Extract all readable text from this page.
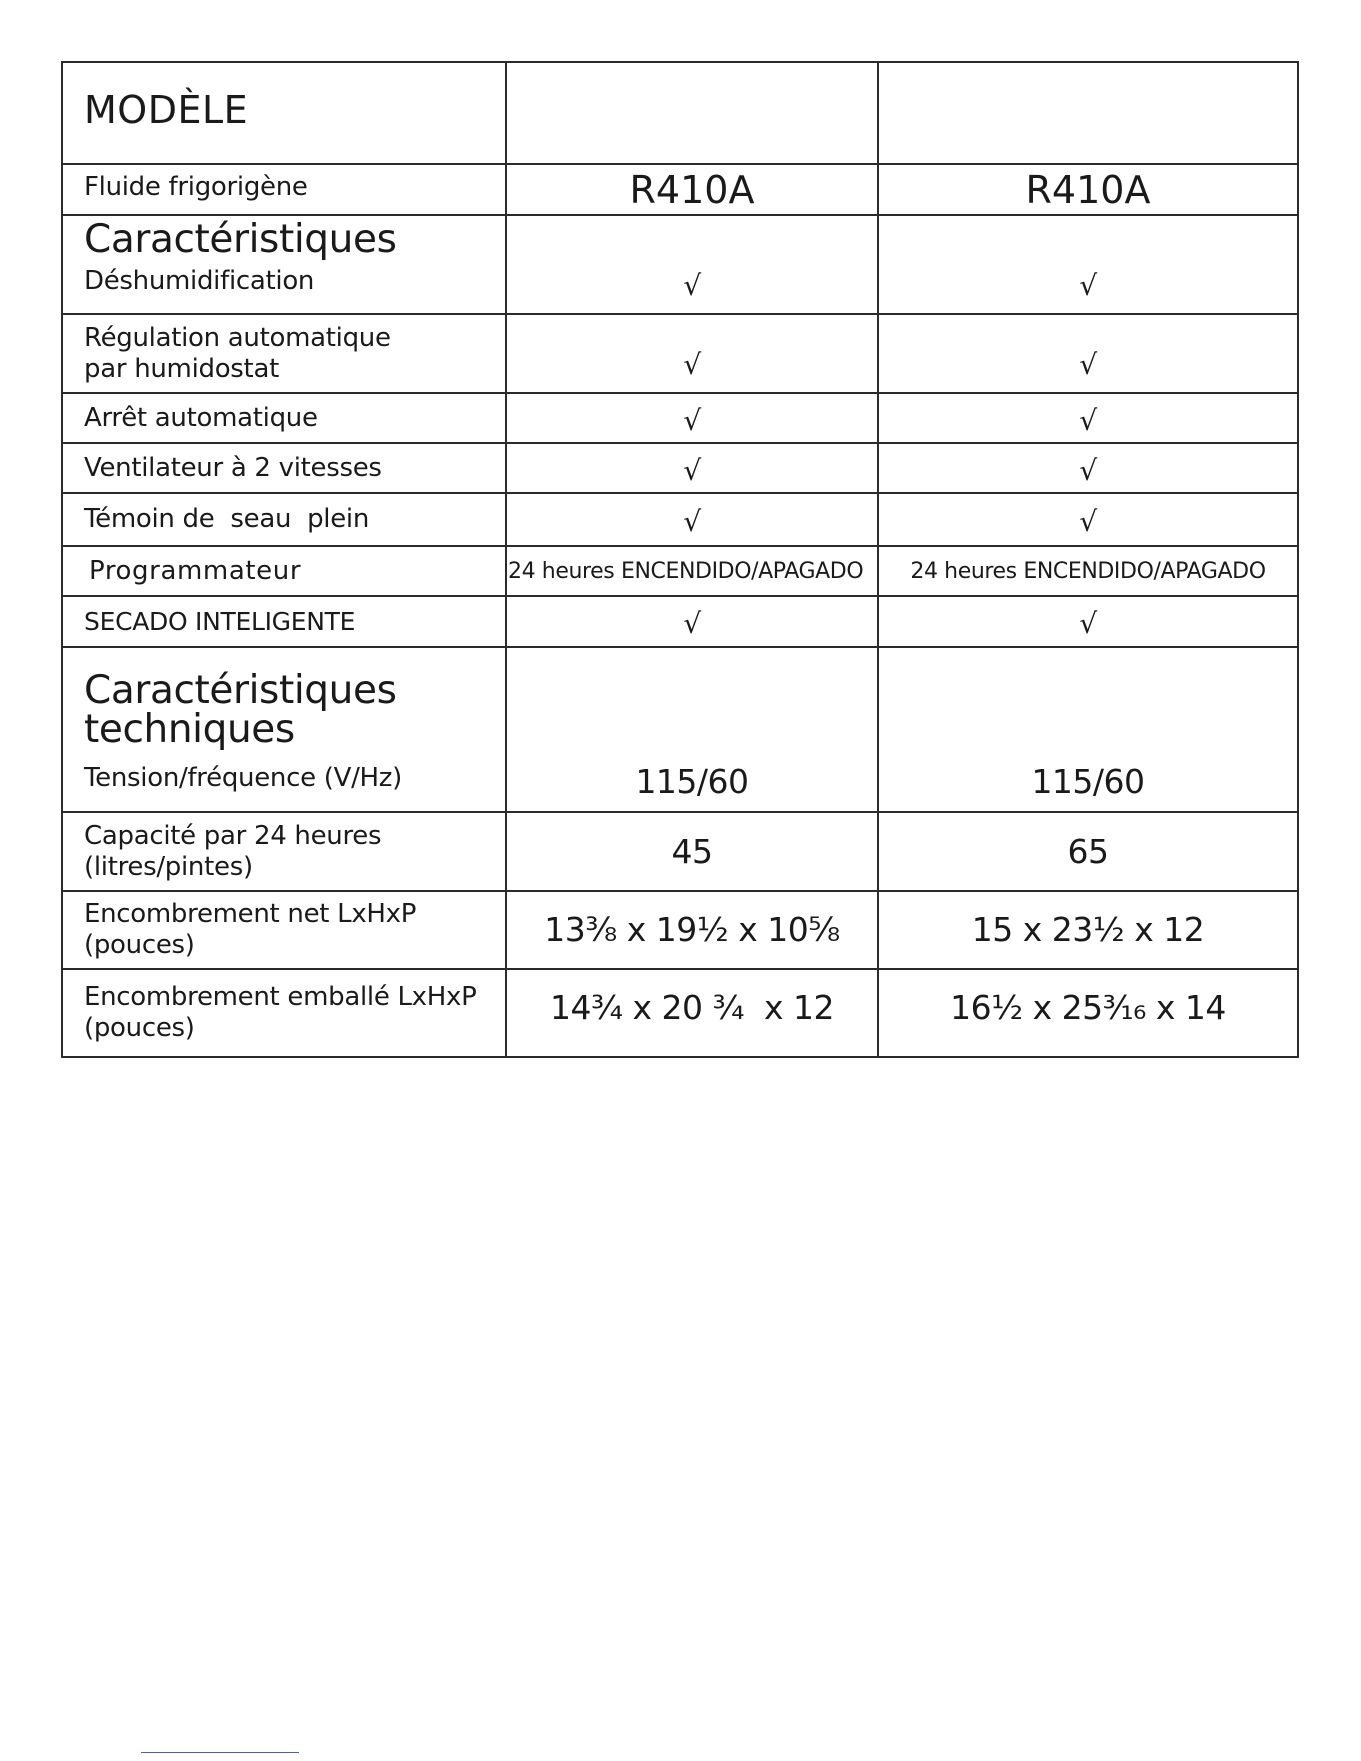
MODÈLE		
Fluide frigorigène	R410A	R410A

Caractéristiques
Déshumidification	√	√

Régulation automatique
par humidostat	√	√
Arrêt automatique	√	√
Ventilateur à 2 vitesses	√	√
Témoin de  seau  plein	√	√
Programmateur	24 heures ENCENDIDO/APAGADO	24 heures ENCENDIDO/APAGADO
SECADO INTELIGENTE	√	√

Caractéristiques
techniques
Tension/fréquence (V/Hz)	115/60	115/60

Capacité par 24 heures
(litres/pintes)	45	65

Encombrement net LxHxP
(pouces)	13⅜ x 19½ x 10⅝	15 x 23½ x 12

Encombrement emballé LxHxP
(pouces)	14¾ x 20 ¾  x 12	16½ x 25³⁄₁₆ x 14
